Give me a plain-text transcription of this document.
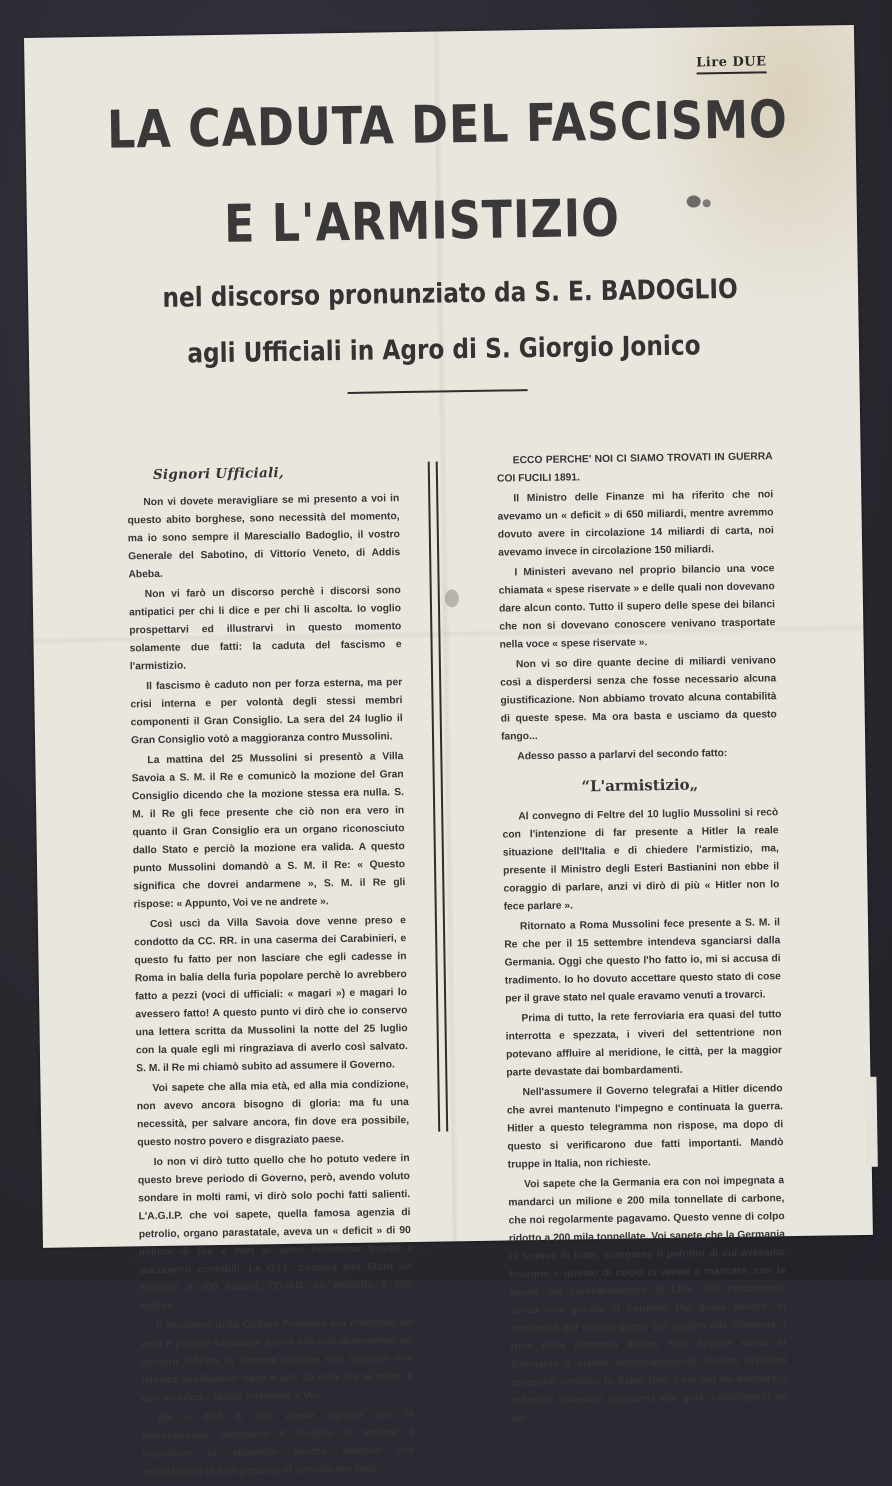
Lire DUE
LA CADUTA DEL FASCISMO
E L'ARMISTIZIO
nel discorso pronunziato da S. E. BADOGLIO
agli Ufficiali in Agro di S. Giorgio Jonico

Signori Ufficiali,

Non vi dovete meravigliare se mi presento a voi in questo abito borghese, sono necessità del momento, ma io sono sempre il Maresciallo Badoglio, il vostro Generale del Sabotino, di Vittorio Veneto, di Addis Abeba.

Non vi farò un discorso perchè i discorsi sono antipatici per chi li dice e per chi li ascolta. Io voglio prospettarvi ed illustrarvi in questo momento solamente due fatti: la caduta del fascismo e l'armistizio.

Il fascismo è caduto non per forza esterna, ma per crisi interna e per volontà degli stessi membri componenti il Gran Consiglio. La sera del 24 luglio il Gran Consiglio votò a maggioranza contro Mussolini.

La mattina del 25 Mussolini si presentò a Villa Savoia a S. M. il Re e comunicò la mozione del Gran Consiglio dicendo che la mozione stessa era nulla. S. M. il Re gli fece presente che ciò non era vero in quanto il Gran Consiglio era un organo riconosciuto dallo Stato e perciò la mozione era valida. A questo punto Mussolini domandò a S. M. il Re: « Questo significa che dovrei andarmene », S. M. il Re gli rispose: « Appunto, Voi ve ne andrete ».

Così uscì da Villa Savoia dove venne preso e condotto da CC. RR. in una caserma dei Carabinieri, e questo fu fatto per non lasciare che egli cadesse in Roma in balia della furia popolare perchè lo avrebbero fatto a pezzi (voci di ufficiali: « magari ») e magari lo avessero fatto! A questo punto vi dirò che io conservo una lettera scritta da Mussolini la notte del 25 luglio con la quale egli mi ringraziava di averlo così salvato. S. M. il Re mi chiamò subito ad assumere il Governo.

Voi sapete che alla mia età, ed alla mia condizione, non avevo ancora bisogno di gloria: ma fu una necessità, per salvare ancora, fin dove era possibile, questo nostro povero e disgraziato paese.

Io non vi dirò tutto quello che ho potuto vedere in questo breve periodo di Governo, però, avendo voluto sondare in molti rami, vi dirò solo pochi fatti salienti. L'A.G.I.P. che voi sapete, quella famosa agenzia di petrolio, organo parastatale, aveva un « deficit » di 90 milioni di lire e non si sono nemmeno trovati i documenti contabili. La G.I.L. costava allo Stato un miliardo e 700 milioni, l'O.N.D. un miliardo e 200 milioni.

Il Ministero della Cultura Popolare era diventato un vero e proprio lupanaro: aveva alle sue dipendenze un numero infinito di signore romane con stipendi che talvolta oscillavano dalle 8 alle 10 mila lire al mese e con incarico... lascio intendere a Voi.

Ma vi dirò di più: quelle signore non si permettevano nemmeno il fastidio di andare a riscuotere lo stipendio perchè bastava che mandassero le loro persone di servizio per farlo.

ECCO PERCHE' NOI CI SIAMO TROVATI IN GUERRA COI FUCILI 1891.

Il Ministro delle Finanze mi ha riferito che noi avevamo un « deficit » di 650 miliardi, mentre avremmo dovuto avere in circolazione 14 miliardi di carta, noi avevamo invece in circolazione 150 miliardi.

I Ministeri avevano nel proprio bilancio una voce chiamata « spese riservate » e delle quali non dovevano dare alcun conto. Tutto il supero delle spese dei bilanci che non si dovevano conoscere venivano trasportate nella voce « spese riservate ».

Non vi so dire quante decine di miliardi venivano così a disperdersi senza che fosse necessario alcuna giustificazione. Non abbiamo trovato alcuna contabilità di queste spese. Ma ora basta e usciamo da questo fango...

Adesso passo a parlarvi del secondo fatto:

“L'armistizio„

Al convegno di Feltre del 10 luglio Mussolini si recò con l'intenzione di far presente a Hitler la reale situazione dell'Italia e di chiedere l'armistizio, ma, presente il Ministro degli Esteri Bastianini non ebbe il coraggio di parlare, anzi vi dirò di più « Hitler non lo fece parlare ».

Ritornato a Roma Mussolini fece presente a S. M. il Re che per il 15 settembre intendeva sganciarsi dalla Germania. Oggi che questo l'ho fatto io, mi si accusa di tradimento. Io ho dovuto accettare questo stato di cose per il grave stato nel quale eravamo venuti a trovarci.

Prima di tutto, la rete ferroviaria era quasi del tutto interrotta e spezzata, i viveri del settentrione non potevano affluire al meridione, le città, per la maggior parte devastate dai bombardamenti.

Nell'assumere il Governo telegrafai a Hitler dicendo che avrei mantenuto l'impegno e continuata la guerra. Hitler a questo telegramma non rispose, ma dopo di questo si verificarono due fatti importanti. Mandò truppe in Italia, non richieste.

Voi sapete che la Germania era con noi impegnata a mandarci un milione e 200 mila tonnellate di carbone, che noi regolarmente pagavamo. Questo venne di colpo ridotto a 200 mila tonnellate. Voi sapete che la Germania ci forniva di tutto, compreso il petrolio di cui avevamo bisogno e questo di colpo ci venne a mancare, con la scusa dei bombardamenti di Lilla. Noi rimanemmo senza una goccia di benzina. Più grave ancora: si appropriò del nostro grano già pagato alla Romania. I treni dalla Romania furono fatti deviare verso la Germania e invece immediatamente diverse divisioni tedesche vennero in Italia. Non c'era più da dubitare, i tedeschi volevano prenderci alla gola, costringerci ad ub-
